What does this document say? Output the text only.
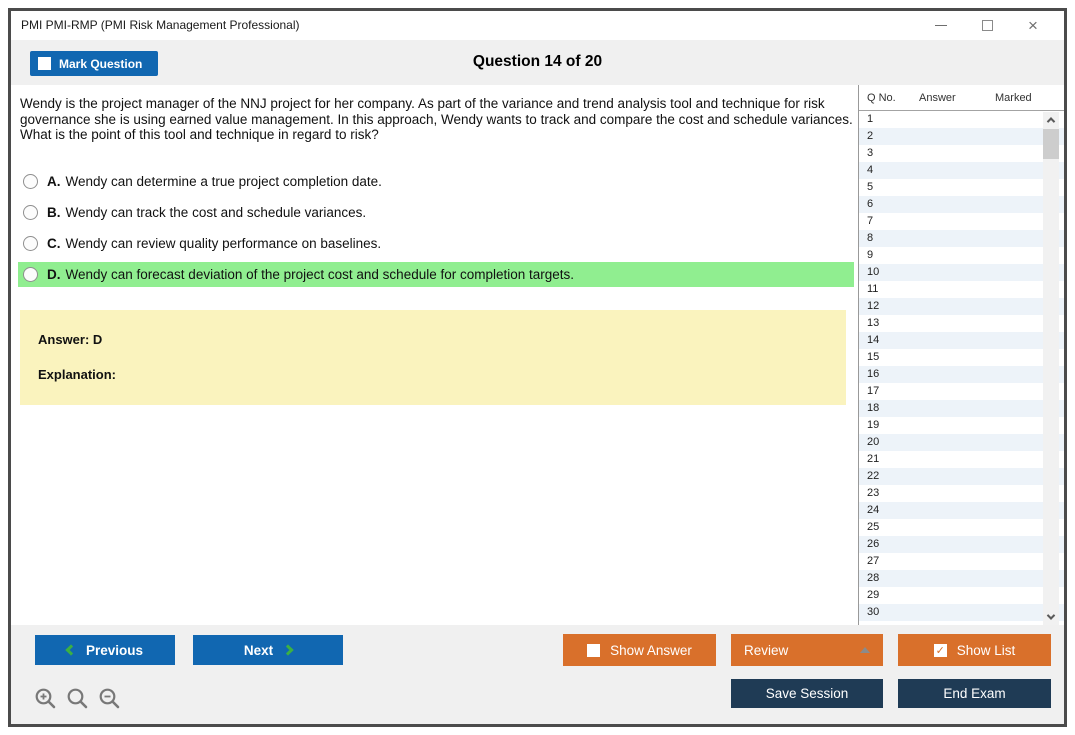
PMI PMI-RMP (PMI Risk Management Professional)	×
Mark Question	Question 14 of 20
Wendy is the project manager of the NNJ project for her company. As part of the variance and trend analysis tool and technique for risk governance she is using earned value management. In this approach, Wendy wants to track and compare the cost and schedule variances. What is the point of this tool and technique in regard to risk?
A. Wendy can determine a true project completion date.
B. Wendy can track the cost and schedule variances.
C. Wendy can review quality performance on baselines.
D. Wendy can forecast deviation of the project cost and schedule for completion targets.
Answer: D
Explanation:
Q No.	Answer	Marked
1
2
3
4
5
6
7
8
9
10
11
12
13
14
15
16
17
18
19
20
21
22
23
24
25
26
27
28
29
30
Previous	Next	Show Answer	Review	✓ Show List
Save Session	End Exam
